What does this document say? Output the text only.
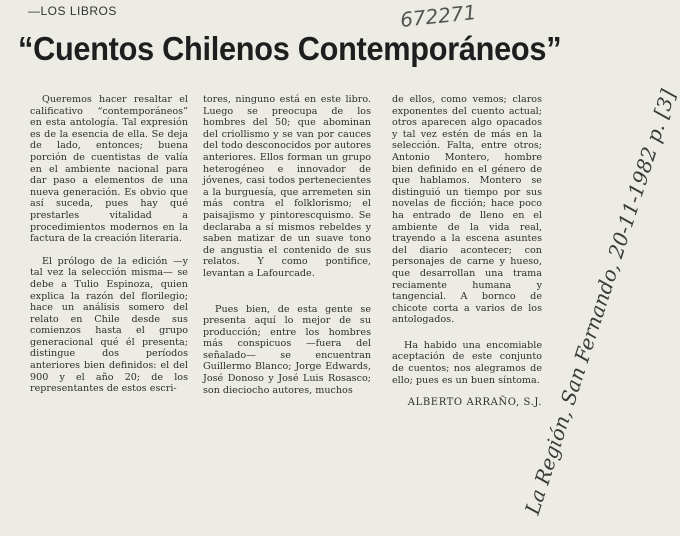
—LOS LIBROS	672271
“Cuentos Chilenos Contemporáneos”

Queremos hacer resaltar el calificativo “contemporáneos” en esta antología. Tal expresión es de la esencia de ella. Se deja de lado, entonces; buena porción de cuentistas de valía en el ambiente nacional para dar paso a elementos de una nueva generación. Es obvio que así suceda, pues hay qué prestarles vitalidad a procedimientos modernos en la factura de la creación literaria.

El prólogo de la edición —y tal vez la selección misma— se debe a Tulio Espinoza, quien explica la razón del florilegio; hace un análisis somero del relato en Chile desde sus comienzos hasta el grupo generacional qué él presenta; distingue dos períodos anteriores bien definidos: el del 900 y el año 20; de los representantes de estos escri-

tores, ninguno está en este libro. Luego se preocupa de los hombres del 50; que abominan del criollismo y se van por cauces del todo desconocidos por autores anteriores. Ellos forman un grupo heterogéneo e innovador de jóvenes, casi todos pertenecientes a la burguesía, que arremeten sin más contra el folklorismo; el paisajismo y pintorescquismo. Se declaraba a sí mismos rebeldes y saben matizar de un suave tono de angustia el contenido de sus relatos. Y como pontifice, levantan a Lafourcade.

Pues bien, de esta gente se presenta aquí lo mejor de su producción; entre los hombres más conspicuos —fuera del señalado— se encuentran Guillermo Blanco; Jorge Edwards, José Donoso y José Luis Rosasco; son dieciocho autores, muchos

de ellos, como vemos; claros exponentes del cuento actual; otros aparecen algo opacados y tal vez estén de más en la selección. Falta, entre otros; Antonio Montero, hombre bien definido en el género de que hablamos. Montero se distinguió un tiempo por sus novelas de ficción; hace poco ha entrado de lleno en el ambiente de la vida real, trayendo a la escena asuntes del diario acontecer; con personajes de carne y hueso, que desarrollan una trama reciamente humana y tangencial. A bornco de chicote corta a varios de los antologados.

Ha habido una encomiable aceptación de este conjunto de cuentos; nos alegramos de ello; pues es un buen síntoma.

ALBERTO ARRAÑO, S.J.
La Región, San Fernando, 20-11-1982 p. [3]
